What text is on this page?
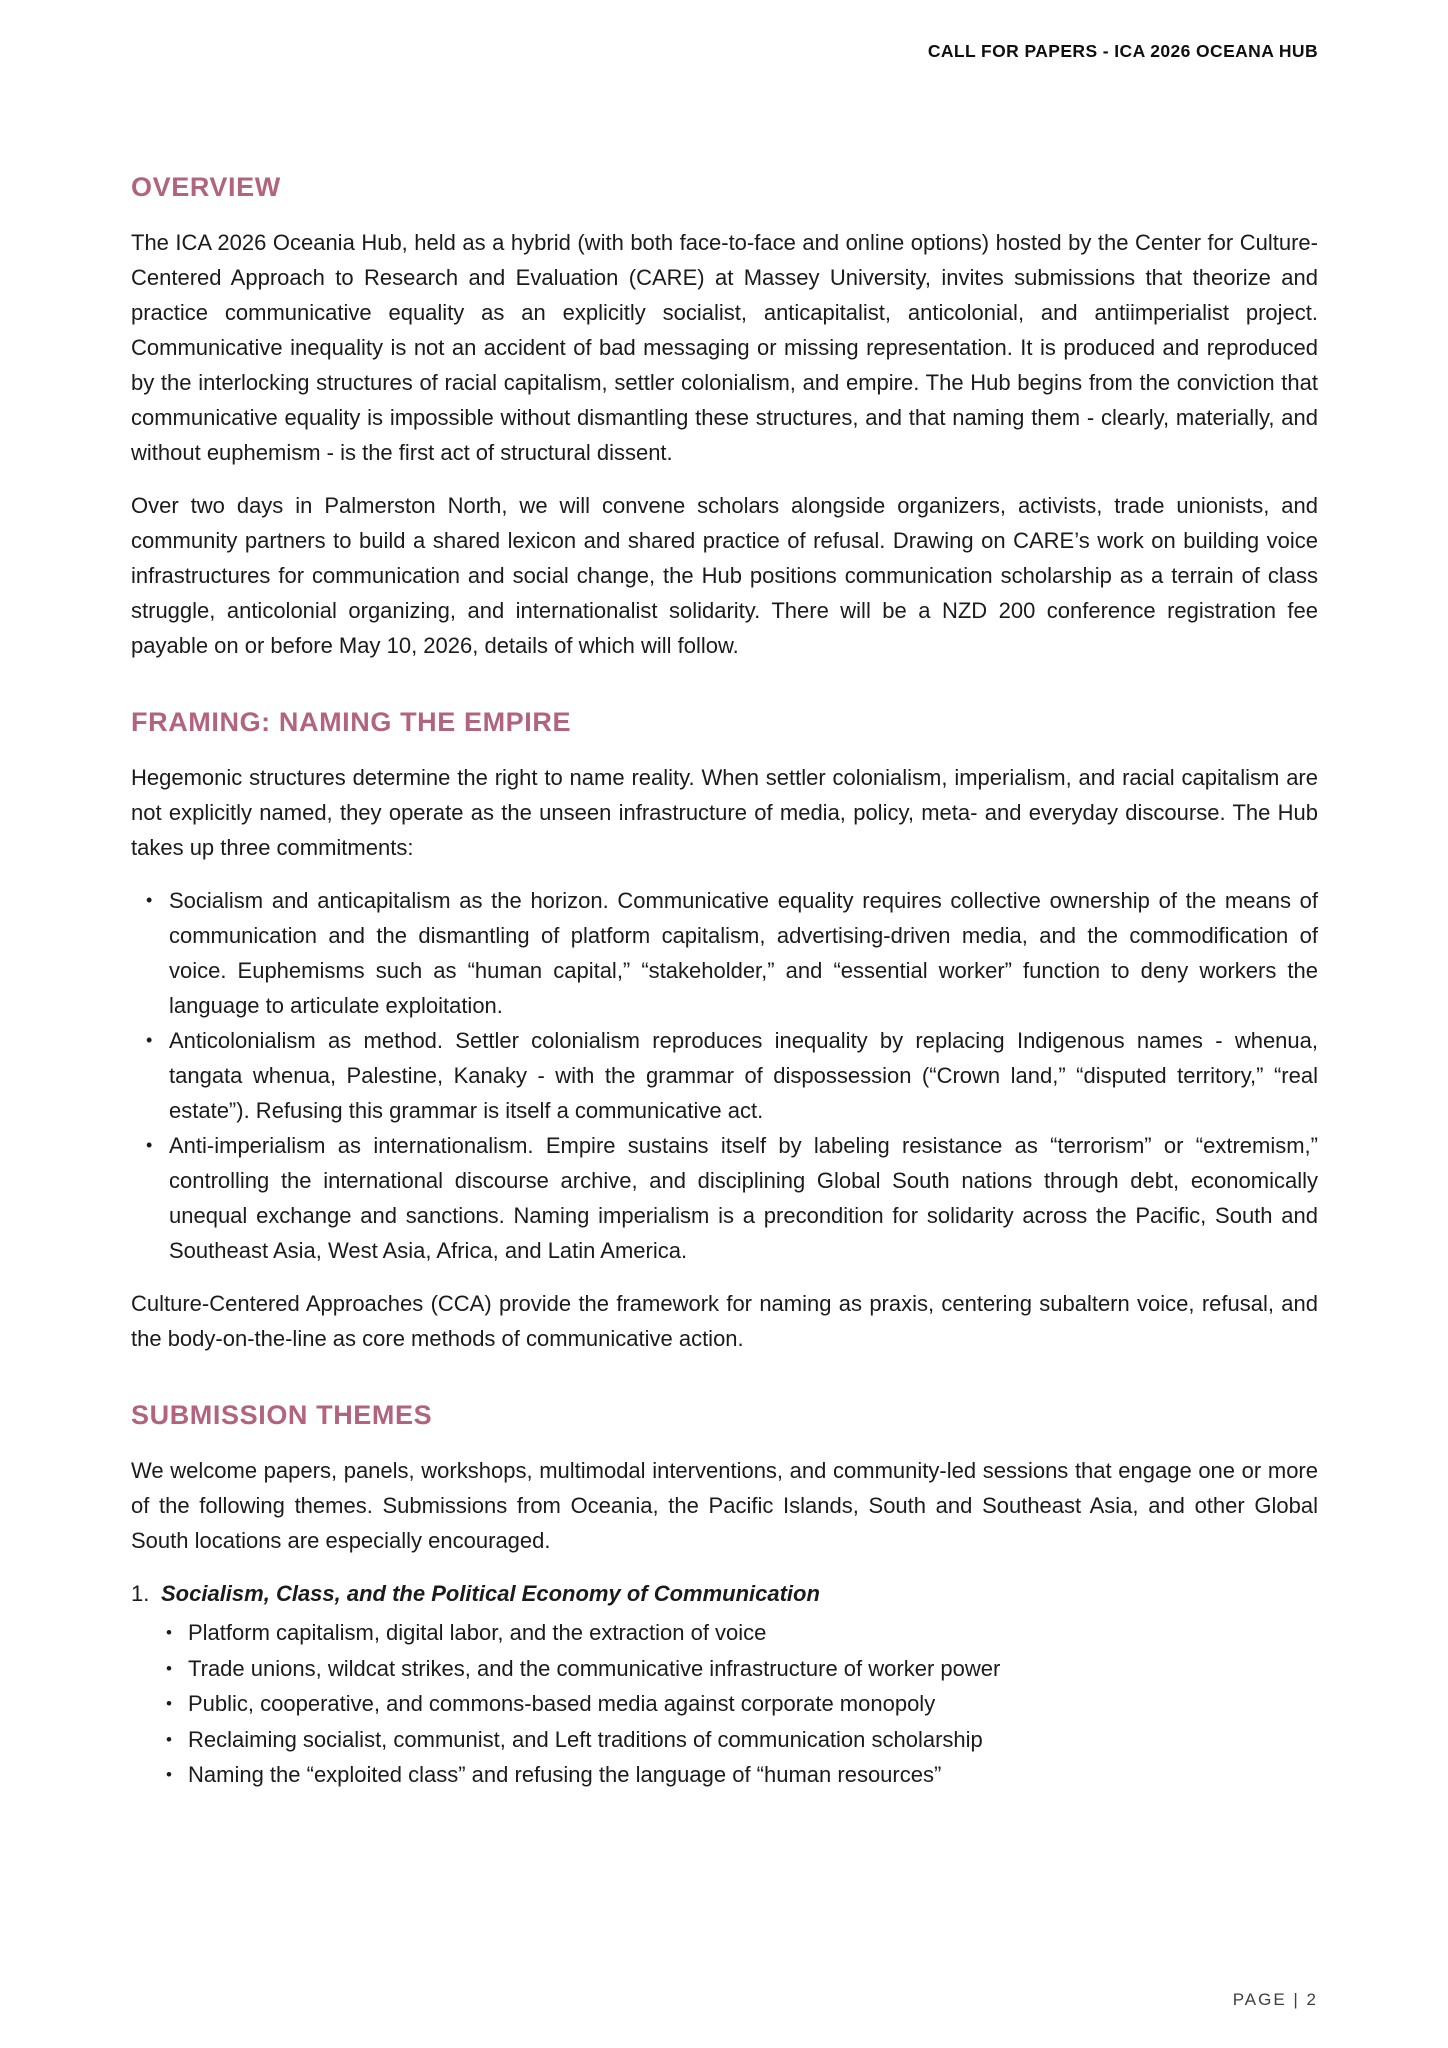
CALL FOR PAPERS - ICA 2026 OCEANA HUB
OVERVIEW

The ICA 2026 Oceania Hub, held as a hybrid (with both face-to-face and online options) hosted by the Center for Culture-Centered Approach to Research and Evaluation (CARE) at Massey University, invites submissions that theorize and practice communicative equality as an explicitly socialist, anticapitalist, anticolonial, and antiimperialist project. Communicative inequality is not an accident of bad messaging or missing representation. It is produced and reproduced by the interlocking structures of racial capitalism, settler colonialism, and empire. The Hub begins from the conviction that communicative equality is impossible without dismantling these structures, and that naming them - clearly, materially, and without euphemism - is the first act of structural dissent.

Over two days in Palmerston North, we will convene scholars alongside organizers, activists, trade unionists, and community partners to build a shared lexicon and shared practice of refusal. Drawing on CARE’s work on building voice infrastructures for communication and social change, the Hub positions communication scholarship as a terrain of class struggle, anticolonial organizing, and internationalist solidarity. There will be a NZD 200 conference registration fee payable on or before May 10, 2026, details of which will follow.

FRAMING: NAMING THE EMPIRE

Hegemonic structures determine the right to name reality. When settler colonialism, imperialism, and racial capitalism are not explicitly named, they operate as the unseen infrastructure of media, policy, meta- and everyday discourse. The Hub takes up three commitments:

• Socialism and anticapitalism as the horizon. Communicative equality requires collective ownership of the means of communication and the dismantling of platform capitalism, advertising-driven media, and the commodification of voice. Euphemisms such as “human capital,” “stakeholder,” and “essential worker” function to deny workers the language to articulate exploitation.
• Anticolonialism as method. Settler colonialism reproduces inequality by replacing Indigenous names - whenua, tangata whenua, Palestine, Kanaky - with the grammar of dispossession (“Crown land,” “disputed territory,” “real estate”). Refusing this grammar is itself a communicative act.
• Anti-imperialism as internationalism. Empire sustains itself by labeling resistance as “terrorism” or “extremism,” controlling the international discourse archive, and disciplining Global South nations through debt, economically unequal exchange and sanctions. Naming imperialism is a precondition for solidarity across the Pacific, South and Southeast Asia, West Asia, Africa, and Latin America.

Culture-Centered Approaches (CCA) provide the framework for naming as praxis, centering subaltern voice, refusal, and the body-on-the-line as core methods of communicative action.

SUBMISSION THEMES

We welcome papers, panels, workshops, multimodal interventions, and community-led sessions that engage one or more of the following themes. Submissions from Oceania, the Pacific Islands, South and Southeast Asia, and other Global South locations are especially encouraged.

1. Socialism, Class, and the Political Economy of Communication

• Platform capitalism, digital labor, and the extraction of voice
• Trade unions, wildcat strikes, and the communicative infrastructure of worker power
• Public, cooperative, and commons-based media against corporate monopoly
• Reclaiming socialist, communist, and Left traditions of communication scholarship
• Naming the “exploited class” and refusing the language of “human resources”
PAGE | 2
